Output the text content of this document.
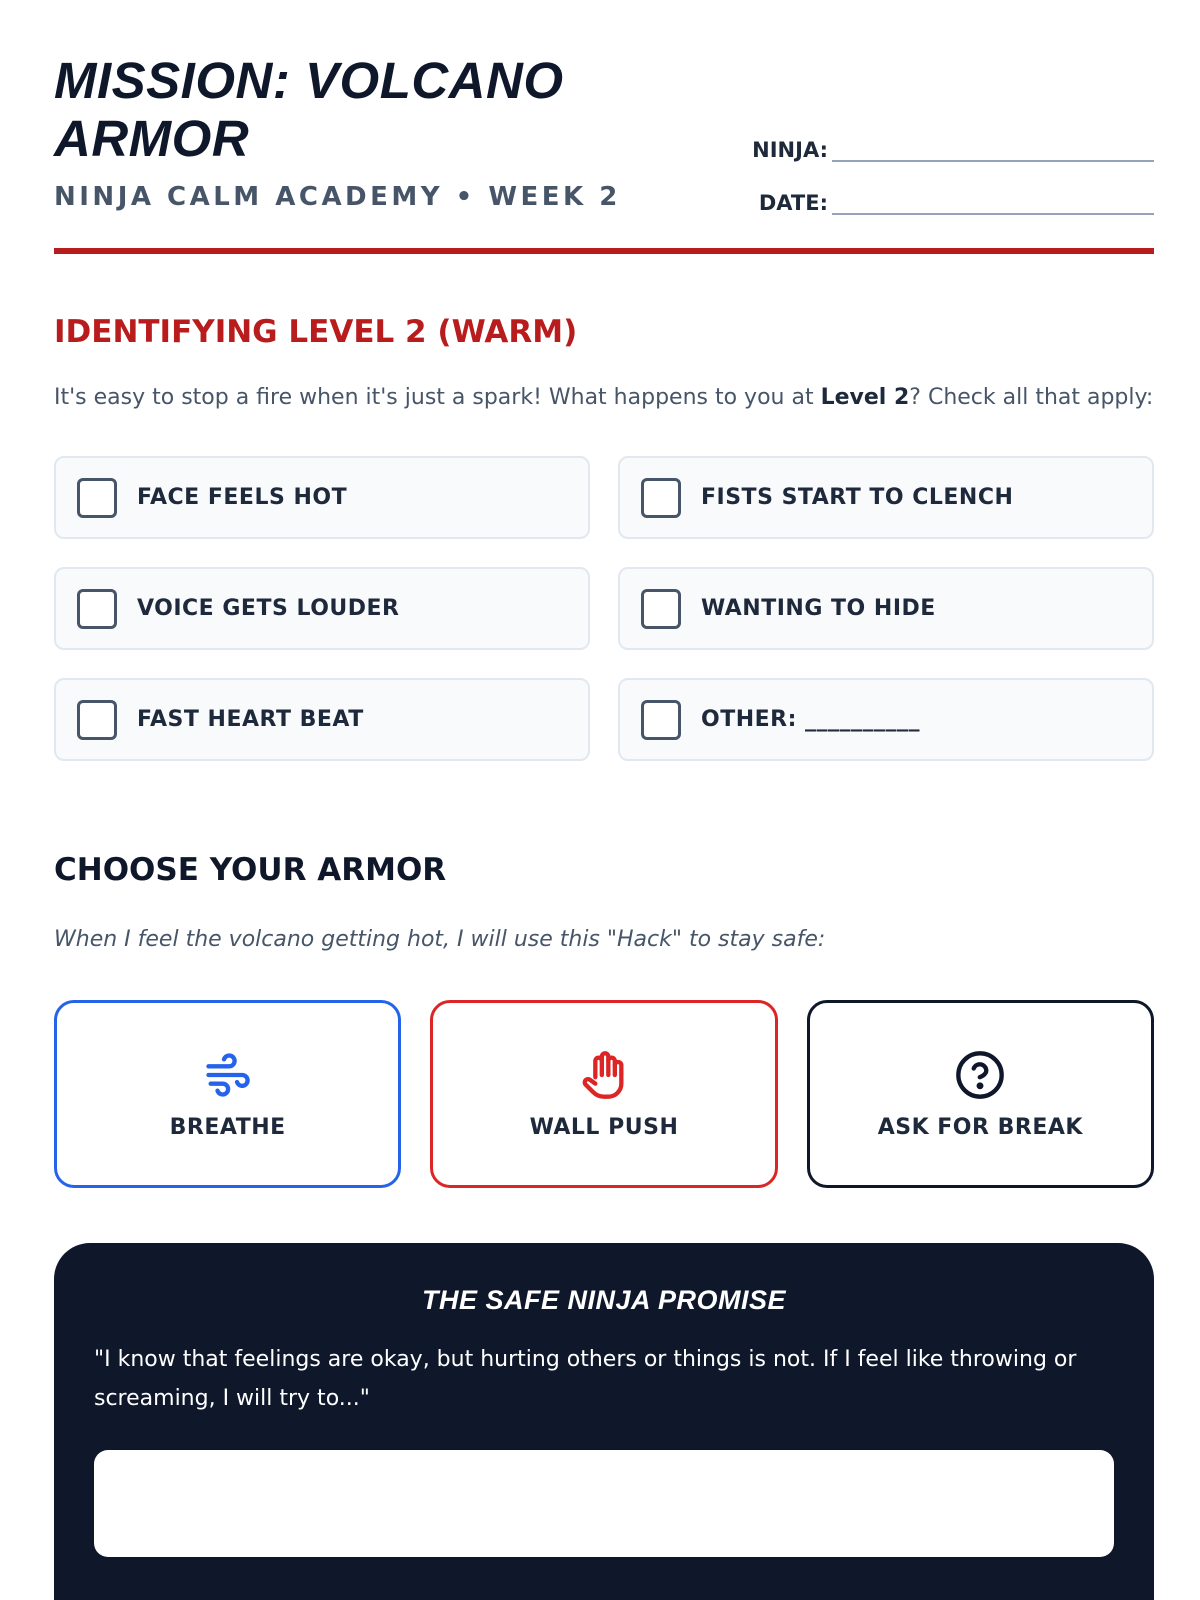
MISSION: VOLCANO ARMOR
NINJA CALM ACADEMY • WEEK 2
NINJA:
DATE:
IDENTIFYING LEVEL 2 (WARM)
It's easy to stop a fire when it's just a spark! What happens to you at Level 2? Check all that apply:
FACE FEELS HOT	FISTS START TO CLENCH
VOICE GETS LOUDER	WANTING TO HIDE
FAST HEART BEAT	OTHER: __________
CHOOSE YOUR ARMOR
When I feel the volcano getting hot, I will use this "Hack" to stay safe:
BREATHE	WALL PUSH	ASK FOR BREAK
THE SAFE NINJA PROMISE
"I know that feelings are okay, but hurting others or things is not. If I feel like throwing or screaming, I will try to..."
